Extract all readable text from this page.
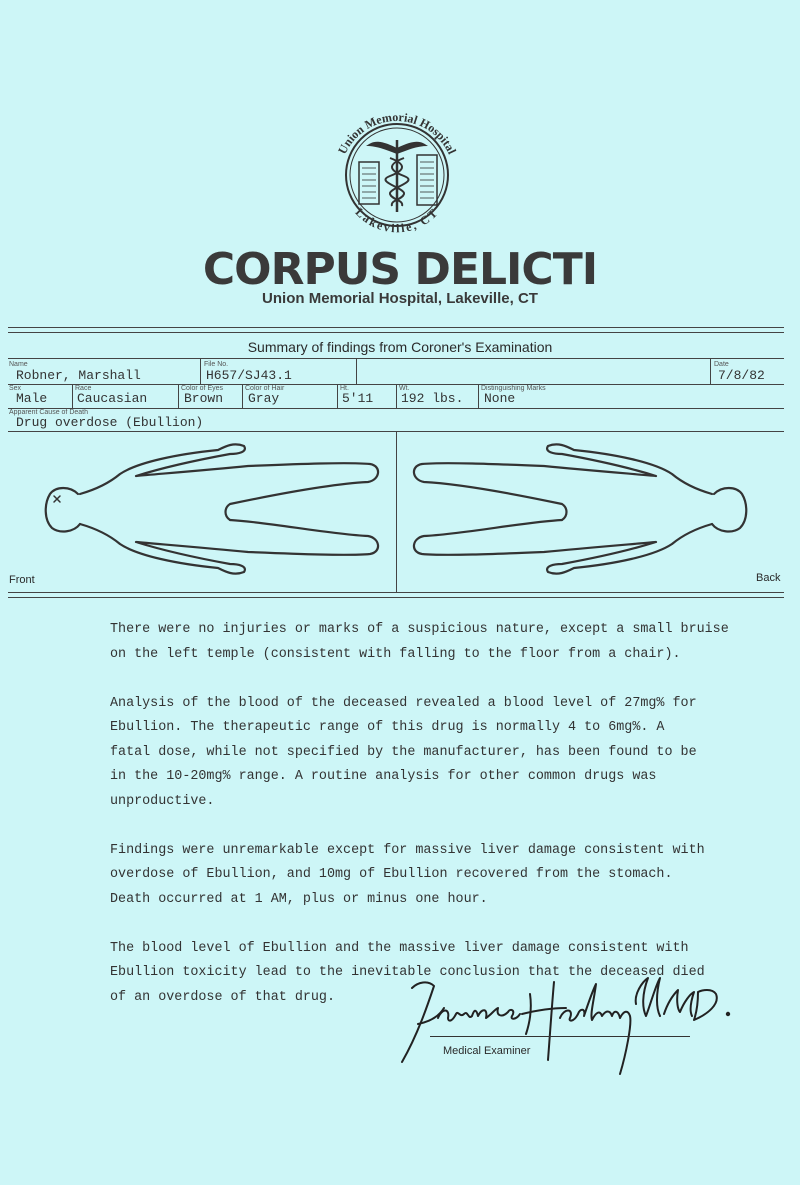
Union Memorial Hospital
Lakeville, CT
CORPUS DELICTI
Union Memorial Hospital, Lakeville, CT
Summary of findings from Coroner's Examination
Name
Robner, Marshall
File No.
H657/SJ43.1
Date
7/8/82
Sex
Male
Race
Caucasian
Color of Eyes
Brown
Color of Hair
Gray
Ht.
5'11
Wt.
192 lbs.
Distinguishing Marks
None
Apparent Cause of Death
Drug overdose (Ebullion)
Front	Back

There were no injuries or marks of a suspicious nature, except a small bruise
on the left temple (consistent with falling to the floor from a chair).

Analysis of the blood of the deceased revealed a blood level of 27mg% for
Ebullion. The therapeutic range of this drug is normally 4 to 6mg%. A
fatal dose, while not specified by the manufacturer, has been found to be
in the 10-20mg% range. A routine analysis for other common drugs was
unproductive.

Findings were unremarkable except for massive liver damage consistent with
overdose of Ebullion, and 10mg of Ebullion recovered from the stomach.
Death occurred at 1 AM, plus or minus one hour.

The blood level of Ebullion and the massive liver damage consistent with
Ebullion toxicity lead to the inevitable conclusion that the deceased died
of an overdose of that drug.

Medical Examiner
